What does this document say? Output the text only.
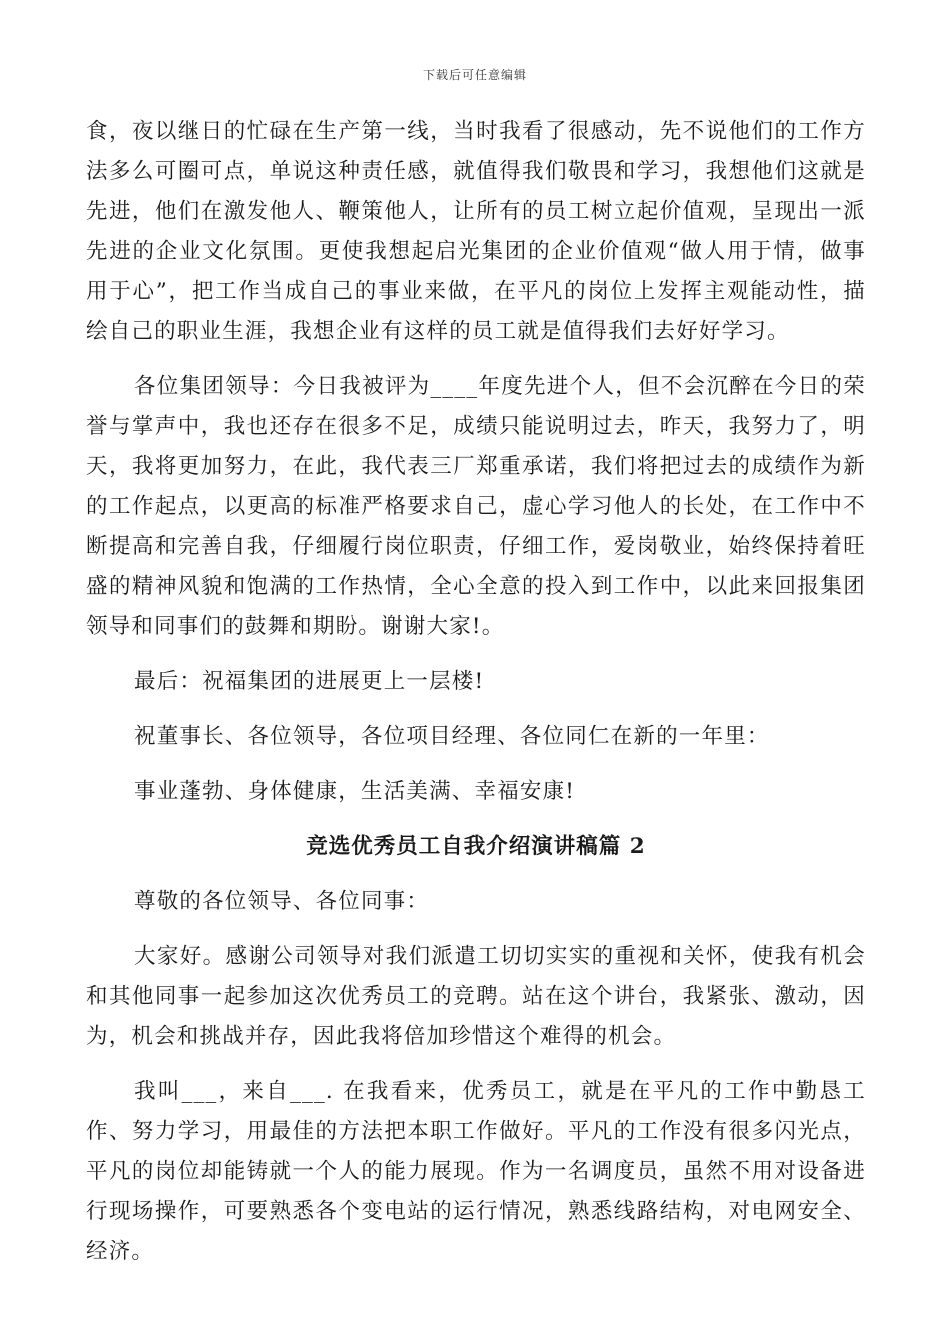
下载后可任意编辑

食，夜以继日的忙碌在生产第一线，当时我看了很感动，先不说他们的工作方法多么可圈可点，单说这种责任感，就值得我们敬畏和学习，我想他们这就是先进，他们在激发他人、鞭策他人，让所有的员工树立起价值观，呈现出一派先进的企业文化氛围。更使我想起启光集团的企业价值观“做人用于情，做事用于心”，把工作当成自己的事业来做，在平凡的岗位上发挥主观能动性，描绘自己的职业生涯，我想企业有这样的员工就是值得我们去好好学习。

各位集团领导：今日我被评为____年度先进个人，但不会沉醉在今日的荣誉与掌声中，我也还存在很多不足，成绩只能说明过去，昨天，我努力了，明天，我将更加努力，在此，我代表三厂郑重承诺，我们将把过去的成绩作为新的工作起点，以更高的标准严格要求自己，虚心学习他人的长处，在工作中不断提高和完善自我，仔细履行岗位职责，仔细工作，爱岗敬业，始终保持着旺盛的精神风貌和饱满的工作热情，全心全意的投入到工作中，以此来回报集团领导和同事们的鼓舞和期盼。谢谢大家!。

最后：祝福集团的进展更上一层楼!

祝董事长、各位领导，各位项目经理、各位同仁在新的一年里：

事业蓬勃、身体健康，生活美满、幸福安康!

竞选优秀员工自我介绍演讲稿篇 2

尊敬的各位领导、各位同事：

大家好。感谢公司领导对我们派遣工切切实实的重视和关怀，使我有机会和其他同事一起参加这次优秀员工的竞聘。站在这个讲台，我紧张、激动，因为，机会和挑战并存，因此我将倍加珍惜这个难得的机会。

我叫___，来自___. 在我看来，优秀员工，就是在平凡的工作中勤恳工作、努力学习，用最佳的方法把本职工作做好。平凡的工作没有很多闪光点，平凡的岗位却能铸就一个人的能力展现。作为一名调度员，虽然不用对设备进行现场操作，可要熟悉各个变电站的运行情况，熟悉线路结构，对电网安全、经济。
